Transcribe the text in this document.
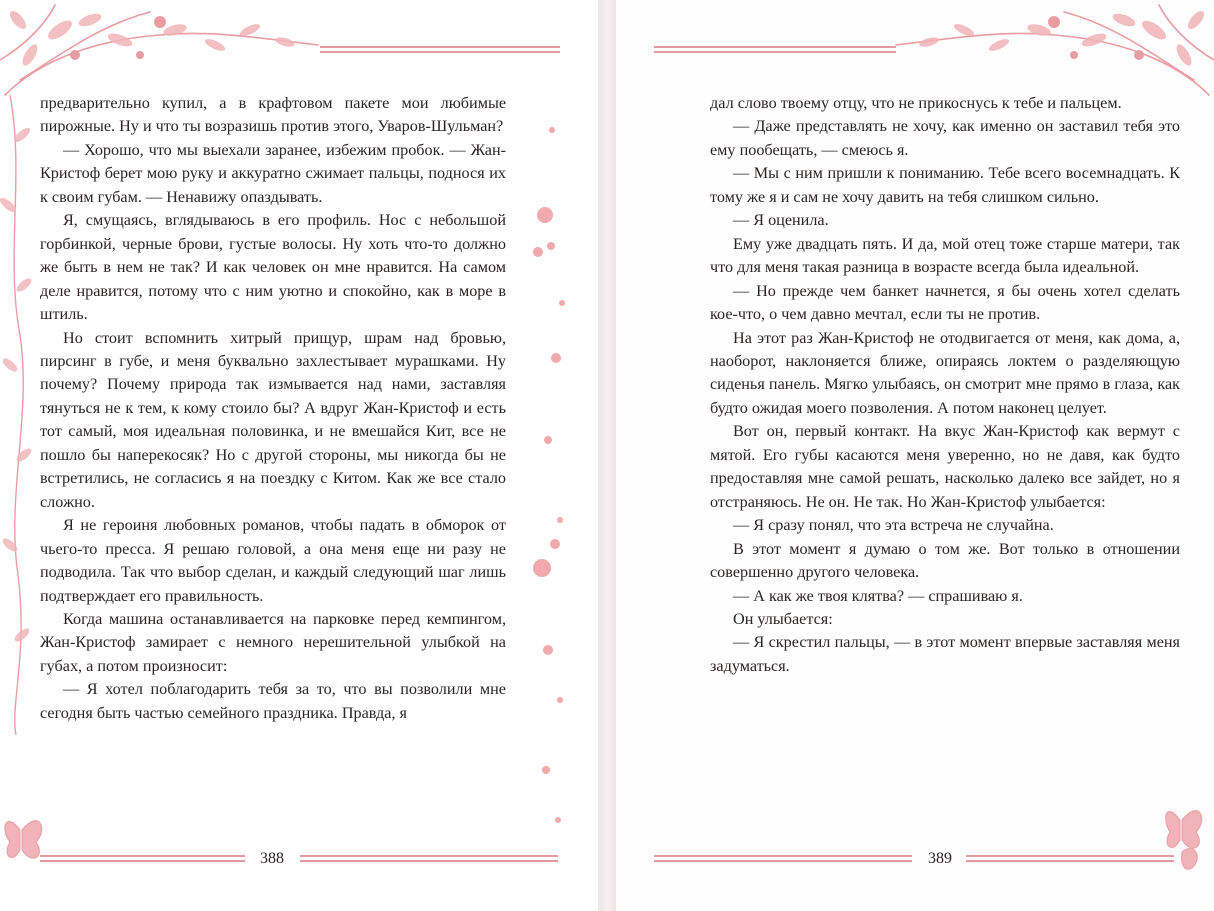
предварительно купил, а в крафтовом пакете мои любимые пирожные. Ну и что ты возразишь против этого, Уваров-Шульман?

— Хорошо, что мы выехали заранее, избежим пробок. — Жан-Кристоф берет мою руку и аккуратно сжимает пальцы, поднося их к своим губам. — Ненавижу опаздывать.

Я, смущаясь, вглядываюсь в его профиль. Нос с небольшой горбинкой, черные брови, густые волосы. Ну хоть что-то должно же быть в нем не так? И как человек он мне нравится. На самом деле нравится, потому что с ним уютно и спокойно, как в море в штиль.

Но стоит вспомнить хитрый прищур, шрам над бровью, пирсинг в губе, и меня буквально захлестывает мурашками. Ну почему? Почему природа так измывается над нами, заставляя тянуться не к тем, к кому стоило бы? А вдруг Жан-Кристоф и есть тот самый, моя идеальная половинка, и не вмешайся Кит, все не пошло бы наперекосяк? Но с другой стороны, мы никогда бы не встретились, не согласись я на поездку с Китом. Как же все стало сложно.

Я не героиня любовных романов, чтобы падать в обморок от чьего-то пресса. Я решаю головой, а она меня еще ни разу не подводила. Так что выбор сделан, и каждый следующий шаг лишь подтверждает его правильность.

Когда машина останавливается на парковке перед кемпингом, Жан-Кристоф замирает с немного нерешительной улыбкой на губах, а потом произносит:

— Я хотел поблагодарить тебя за то, что вы позволили мне сегодня быть частью семейного праздника. Правда, я

388

дал слово твоему отцу, что не прикоснусь к тебе и пальцем.

— Даже представлять не хочу, как именно он заставил тебя это ему пообещать, — смеюсь я.

— Мы с ним пришли к пониманию. Тебе всего восемнадцать. К тому же я и сам не хочу давить на тебя слишком сильно.

— Я оценила.

Ему уже двадцать пять. И да, мой отец тоже старше матери, так что для меня такая разница в возрасте всегда была идеальной.

— Но прежде чем банкет начнется, я бы очень хотел сделать кое-что, о чем давно мечтал, если ты не против.

На этот раз Жан-Кристоф не отодвигается от меня, как дома, а, наоборот, наклоняется ближе, опираясь локтем о разделяющую сиденья панель. Мягко улыбаясь, он смотрит мне прямо в глаза, как будто ожидая моего позволения. А потом наконец целует.

Вот он, первый контакт. На вкус Жан-Кристоф как вермут с мятой. Его губы касаются меня уверенно, но не давя, как будто предоставляя мне самой решать, насколько далеко все зайдет, но я отстраняюсь. Не он. Не так. Но Жан-Кристоф улыбается:

— Я сразу понял, что эта встреча не случайна.

В этот момент я думаю о том же. Вот только в отношении совершенно другого человека.

— А как же твоя клятва? — спрашиваю я.

Он улыбается:

— Я скрестил пальцы, — в этот момент впервые заставляя меня задуматься.

389
